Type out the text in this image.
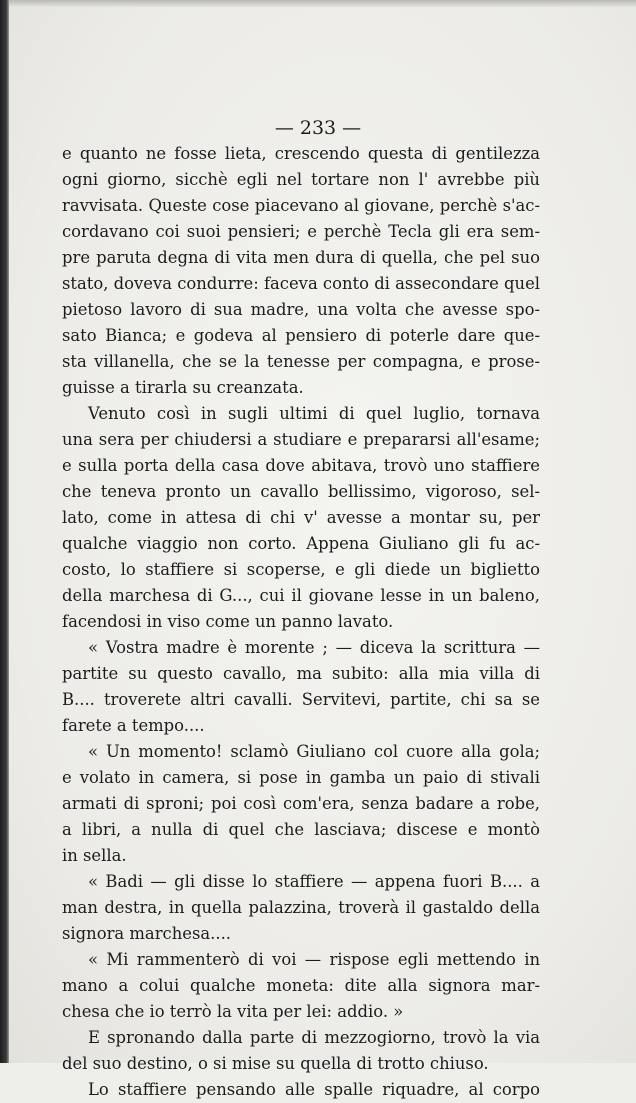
— 233 —
e quanto ne fosse lieta, crescendo questa di gentilezza
ogni giorno, sicchè egli nel tortare non l' avrebbe più
ravvisata. Queste cose piacevano al giovane, perchè s'ac-
cordavano coi suoi pensieri; e perchè Tecla gli era sem-
pre paruta degna di vita men dura di quella, che pel suo
stato, doveva condurre: faceva conto di assecondare quel
pietoso lavoro di sua madre, una volta che avesse spo-
sato Bianca; e godeva al pensiero di poterle dare que-
sta villanella, che se la tenesse per compagna, e prose-
guisse a tirarla su creanzata.
Venuto così in sugli ultimi di quel luglio, tornava
una sera per chiudersi a studiare e prepararsi all'esame;
e sulla porta della casa dove abitava, trovò uno staffiere
che teneva pronto un cavallo bellissimo, vigoroso, sel-
lato, come in attesa di chi v' avesse a montar su, per
qualche viaggio non corto. Appena Giuliano gli fu ac-
costo, lo staffiere si scoperse, e gli diede un biglietto
della marchesa di G..., cui il giovane lesse in un baleno,
facendosi in viso come un panno lavato.
« Vostra madre è morente ; — diceva la scrittura —
partite su questo cavallo, ma subito: alla mia villa di
B.... troverete altri cavalli. Servitevi, partite, chi sa se
farete a tempo....
« Un momento! sclamò Giuliano col cuore alla gola;
e volato in camera, si pose in gamba un paio di stivali
armati di sproni; poi così com'era, senza badare a robe,
a libri, a nulla di quel che lasciava; discese e montò
in sella.
« Badi — gli disse lo staffiere — appena fuori B.... a
man destra, in quella palazzina, troverà il gastaldo della
signora marchesa....
« Mi rammenterò di voi — rispose egli mettendo in
mano a colui qualche moneta: dite alla signora mar-
chesa che io terrò la vita per lei: addio. »
E spronando dalla parte di mezzogiorno, trovò la via
del suo destino, o si mise su quella di trotto chiuso.
Lo staffiere pensando alle spalle riquadre, al corpo
